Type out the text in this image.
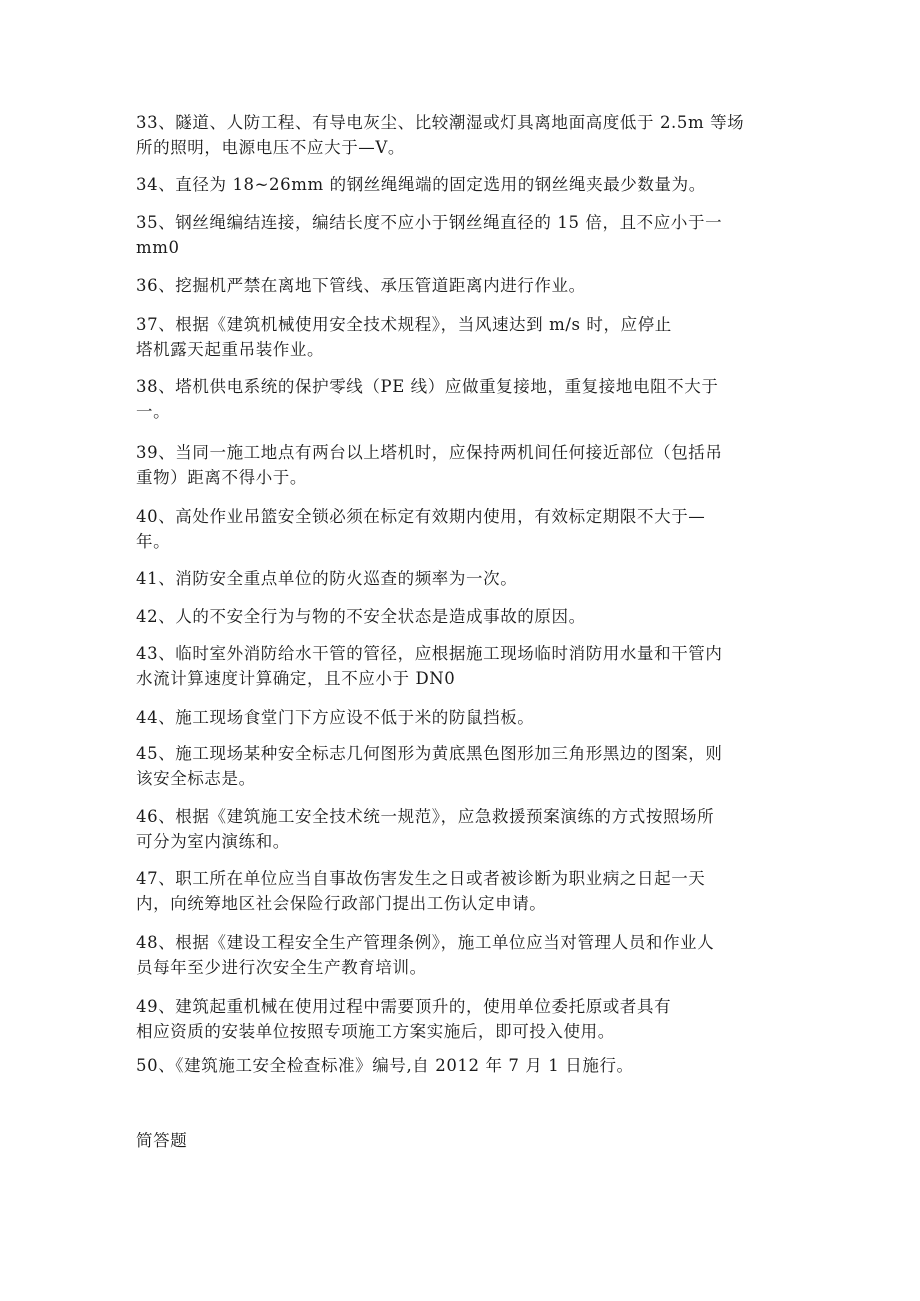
33、隧道、人防工程、有导电灰尘、比较潮湿或灯具离地面高度低于 2.5m 等场
所的照明，电源电压不应大于—V。
34、直径为 18~26mm 的钢丝绳绳端的固定选用的钢丝绳夹最少数量为。
35、钢丝绳编结连接，编结长度不应小于钢丝绳直径的 15 倍，且不应小于一
mm0
36、挖掘机严禁在离地下管线、承压管道距离内进行作业。
37、根据《建筑机械使用安全技术规程》，当风速达到 m/s 时，应停止
塔机露天起重吊装作业。
38、塔机供电系统的保护零线（PE 线）应做重复接地，重复接地电阻不大于
一。
39、当同一施工地点有两台以上塔机时，应保持两机间任何接近部位（包括吊
重物）距离不得小于。
40、高处作业吊篮安全锁必须在标定有效期内使用，有效标定期限不大于—
年。
41、消防安全重点单位的防火巡查的频率为一次。
42、人的不安全行为与物的不安全状态是造成事故的原因。
43、临时室外消防给水干管的管径，应根据施工现场临时消防用水量和干管内
水流计算速度计算确定，且不应小于 DN0
44、施工现场食堂门下方应设不低于米的防鼠挡板。
45、施工现场某种安全标志几何图形为黄底黑色图形加三角形黑边的图案，则
该安全标志是。
46、根据《建筑施工安全技术统一规范》，应急救援预案演练的方式按照场所
可分为室内演练和。
47、职工所在单位应当自事故伤害发生之日或者被诊断为职业病之日起一天
内，向统筹地区社会保险行政部门提出工伤认定申请。
48、根据《建设工程安全生产管理条例》，施工单位应当对管理人员和作业人
员每年至少进行次安全生产教育培训。
49、建筑起重机械在使用过程中需要顶升的，使用单位委托原或者具有
相应资质的安装单位按照专项施工方案实施后，即可投入使用。
50、《建筑施工安全检查标准》编号,自 2012 年 7 月 1 日施行。
简答题
